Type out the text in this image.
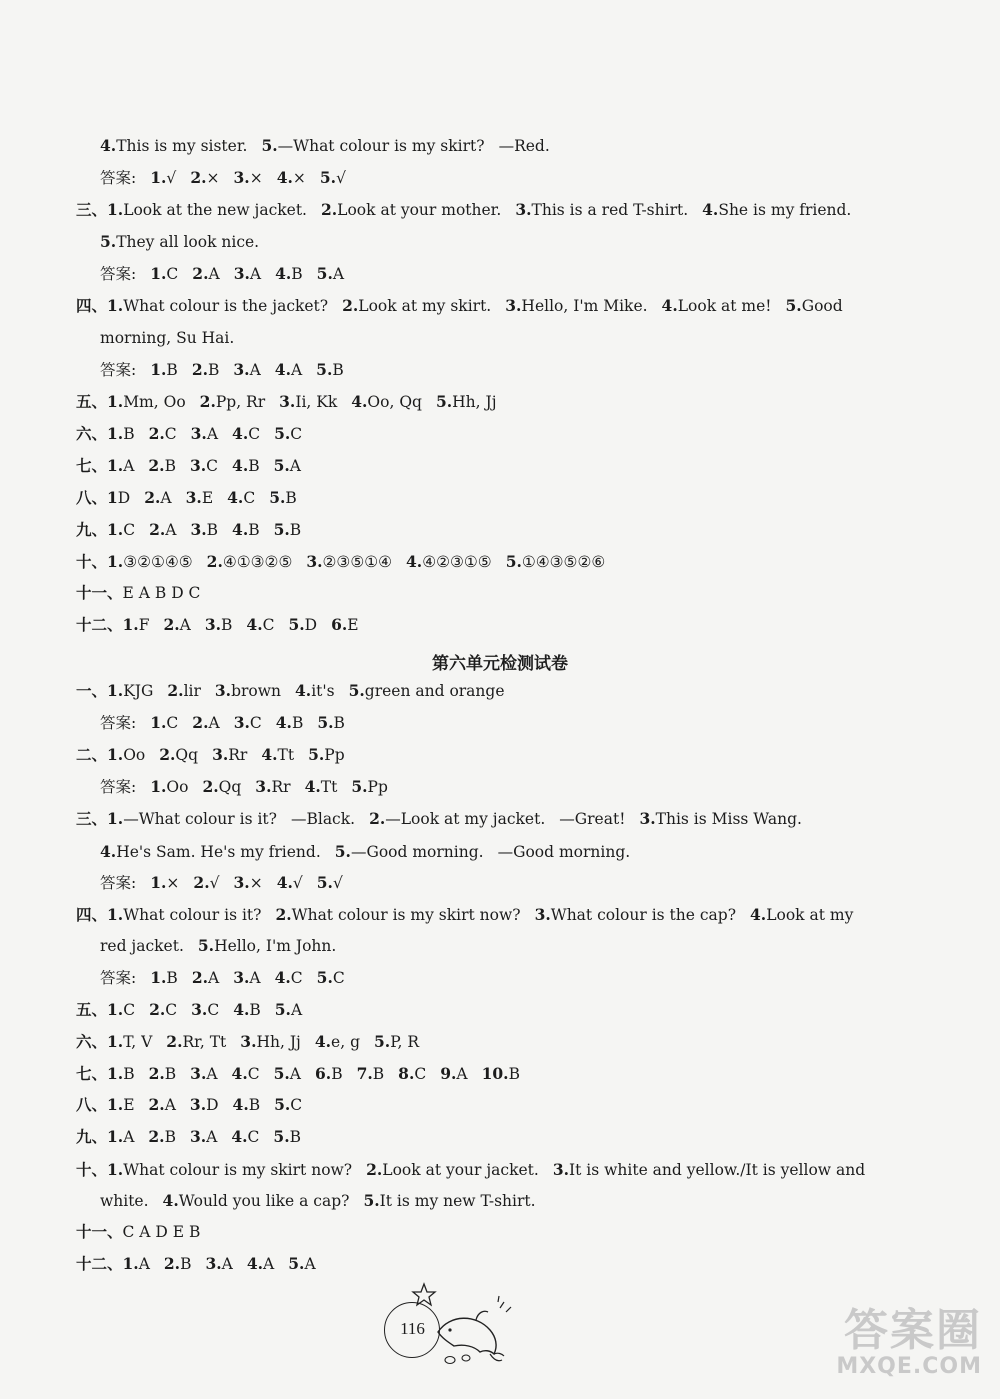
4.This is my sister. 5.—What colour is my skirt? —Red.
答案: 1.√ 2.× 3.× 4.× 5.√
三、1.Look at the new jacket. 2.Look at your mother. 3.This is a red T-shirt. 4.She is my friend.
5.They all look nice.
答案: 1.C 2.A 3.A 4.B 5.A
四、1.What colour is the jacket? 2.Look at my skirt. 3.Hello, I'm Mike. 4.Look at me! 5.Good
morning, Su Hai.
答案: 1.B 2.B 3.A 4.A 5.B
五、1.Mm, Oo 2.Pp, Rr 3.Ii, Kk 4.Oo, Qq 5.Hh, Jj
六、1.B 2.C 3.A 4.C 5.C
七、1.A 2.B 3.C 4.B 5.A
八、1D 2.A 3.E 4.C 5.B
九、1.C 2.A 3.B 4.B 5.B
十、1.③②①④⑤ 2.④①③②⑤ 3.②③⑤①④ 4.④②③①⑤ 5.①④③⑤②⑥
十一、E A B D C
十二、1.F 2.A 3.B 4.C 5.D 6.E
一、1.KJG 2.lir 3.brown 4.it's 5.green and orange
答案: 1.C 2.A 3.C 4.B 5.B
二、1.Oo 2.Qq 3.Rr 4.Tt 5.Pp
答案: 1.Oo 2.Qq 3.Rr 4.Tt 5.Pp
三、1.—What colour is it? —Black. 2.—Look at my jacket. —Great! 3.This is Miss Wang.
4.He's Sam. He's my friend. 5.—Good morning. —Good morning.
答案: 1.× 2.√ 3.× 4.√ 5.√
四、1.What colour is it? 2.What colour is my skirt now? 3.What colour is the cap? 4.Look at my
red jacket. 5.Hello, I'm John.
答案: 1.B 2.A 3.A 4.C 5.C
五、1.C 2.C 3.C 4.B 5.A
六、1.T, V 2.Rr, Tt 3.Hh, Jj 4.e, g 5.P, R
七、1.B 2.B 3.A 4.C 5.A 6.B 7.B 8.C 9.A 10.B
八、1.E 2.A 3.D 4.B 5.C
九、1.A 2.B 3.A 4.C 5.B
十、1.What colour is my skirt now? 2.Look at your jacket. 3.It is white and yellow./It is yellow and
white. 4.Would you like a cap? 5.It is my new T-shirt.
十一、C A D E B
十二、1.A 2.B 3.A 4.A 5.A
第六单元检测试卷
116	答案圈
MXQE.COM
